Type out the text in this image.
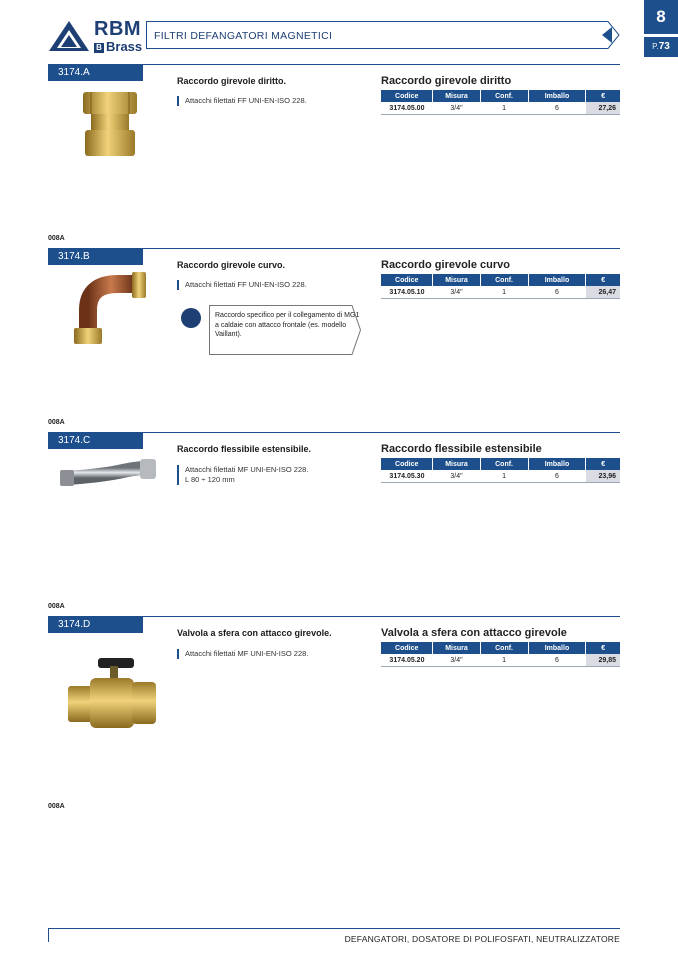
RBM
B Brass
FILTRI DEFANGATORI MAGNETICI
8
P.73
3174.A
Raccordo girevole diritto.
Attacchi filettati FF UNI-EN-ISO 228.
Raccordo girevole diritto
Codice	Misura	Conf.	Imballo	€
3174.05.00	3/4"	1	6	27,26
008A
3174.B
Raccordo girevole curvo.
Attacchi filettati FF UNI-EN-ISO 228.
Raccordo specifico per il collegamento di MG1 a caldaie con attacco frontale (es. modello Vaillant).
Raccordo girevole curvo
Codice	Misura	Conf.	Imballo	€
3174.05.10	3/4"	1	6	26,47
008A
3174.C
Raccordo flessibile estensibile.
Attacchi filettati MF UNI-EN-ISO 228.
L 80 ÷ 120 mm
Raccordo flessibile estensibile
Codice	Misura	Conf.	Imballo	€
3174.05.30	3/4"	1	6	23,96
008A
3174.D
Valvola a sfera con attacco girevole.
Attacchi filettati MF UNI-EN-ISO 228.
Valvola a sfera con attacco girevole
Codice	Misura	Conf.	Imballo	€
3174.05.20	3/4"	1	6	29,85
008A
DEFANGATORI, DOSATORE DI POLIFOSFATI, NEUTRALIZZATORE
